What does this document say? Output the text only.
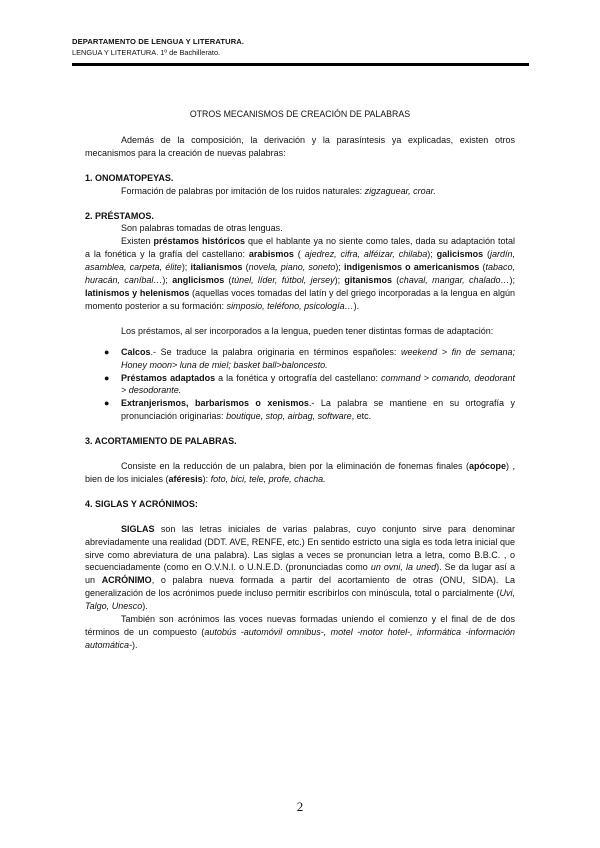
DEPARTAMENTO DE LENGUA Y LITERATURA.
LENGUA Y LITERATURA. 1º de Bachillerato.

OTROS MECANISMOS DE CREACIÓN DE PALABRAS

Además de la composición, la derivación y la parasíntesis ya explicadas, existen otros mecanismos para la creación de nuevas palabras:

1. ONOMATOPEYAS.

Formación de palabras por imitación de los ruidos naturales: zigzaguear, croar.

2. PRÉSTAMOS.

Son palabras tomadas de otras lenguas.

Existen préstamos históricos que el hablante ya no siente como tales, dada su adaptación total a la fonética y la grafía del castellano: arabismos ( ajedrez, cifra, alféizar, chilaba); galicismos (jardín, asamblea, carpeta, élite); italianismos (novela, piano, soneto); indigenismos o americanismos (tabaco, huracán, caníbal…); anglicismos (túnel, líder, fútbol, jersey); gitanismos (chaval, mangar, chalado…); latinismos y helenismos (aquellas voces tomadas del latín y del griego incorporadas a la lengua en algún momento posterior a su formación: simposio, teléfono, psicología…).

Los préstamos, al ser incorporados a la lengua, pueden tener distintas formas de adaptación:

● Calcos.- Se traduce la palabra originaria en términos españoles: weekend > fin de semana; Honey moon> luna de miel; basket ball>baloncesto.
● Préstamos adaptados a la fonética y ortografía del castellano: command > comando, deodorant > desodorante.
● Extranjerismos, barbarismos o xenismos.- La palabra se mantiene en su ortografía y pronunciación originarias: boutique, stop, airbag, software, etc.

3. ACORTAMIENTO DE PALABRAS.

Consiste en la reducción de un palabra, bien por la eliminación de fonemas finales (apócope) , bien de los iniciales (aféresis): foto, bici, tele, profe, chacha.

4. SIGLAS Y ACRÓNIMOS:

SIGLAS son las letras iniciales de varias palabras, cuyo conjunto sirve para denominar abreviadamente una realidad (DDT. AVE, RENFE, etc.) En sentido estricto una sigla es toda letra inicial que sirve como abreviatura de una palabra). Las siglas a veces se pronuncian letra a letra, como B.B.C. , o secuenciadamente (como en O.V.N.I. o U.N.E.D. (pronunciadas como un ovni, la uned). Se da lugar así a un ACRÓNIMO, o palabra nueva formada a partir del acortamiento de otras (ONU, SIDA). La generalización de los acrónimos puede incluso permitir escribirlos con minúscula, total o parcialmente (Uvi, Talgo, Unesco).

También son acrónimos las voces nuevas formadas uniendo el comienzo y el final de de dos términos de un compuesto (autobús -automóvil omnibus-, motel -motor hotel-, informática -información automática-).

2
